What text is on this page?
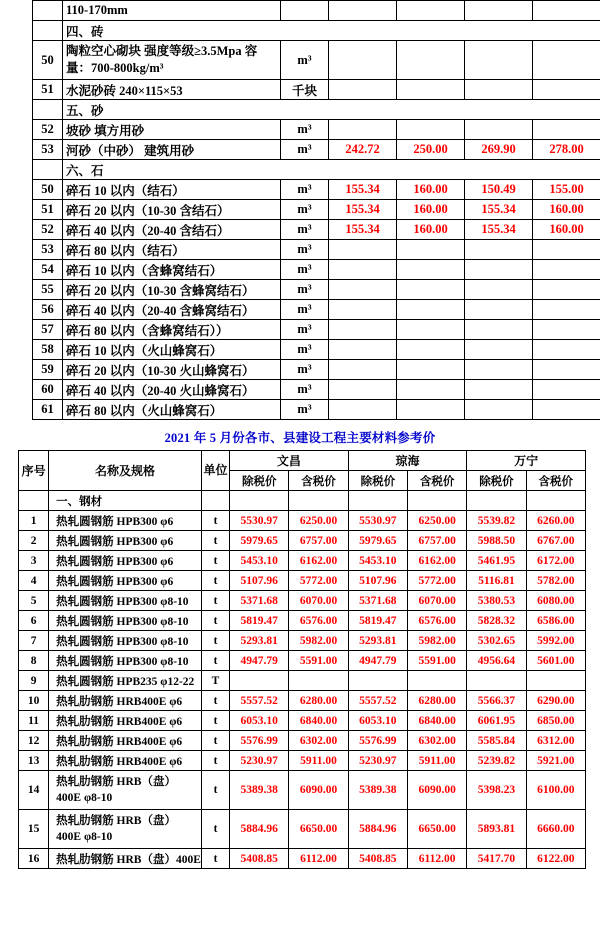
	110-170mm					
	四、砖					
50	陶粒空心砌块 强度等级≥3.5Mpa 容量：700-800kg/m³	m³				
51	水泥砂砖 240×115×53	千块				
	五、砂					
52	坡砂 填方用砂	m³				
53	河砂（中砂） 建筑用砂	m³	242.72	250.00	269.90	278.00
	六、石					
50	碎石 10 以内（结石）	m³	155.34	160.00	150.49	155.00
51	碎石 20 以内（10-30 含结石）	m³	155.34	160.00	155.34	160.00
52	碎石 40 以内（20-40 含结石）	m³	155.34	160.00	155.34	160.00
53	碎石 80 以内（结石）	m³				
54	碎石 10 以内（含蜂窝结石）	m³				
55	碎石 20 以内（10-30 含蜂窝结石）	m³				
56	碎石 40 以内（20-40 含蜂窝结石）	m³				
57	碎石 80 以内（含蜂窝结石））	m³				
58	碎石 10 以内（火山蜂窝石）	m³				
59	碎石 20 以内（10-30 火山蜂窝石）	m³				
60	碎石 40 以内（20-40 火山蜂窝石）	m³				
61	碎石 80 以内（火山蜂窝石）	m³				
2021 年 5 月份各市、县建设工程主要材料参考价
序号	名称及规格	单位	文昌		琼海		万宁	
			除税价	含税价	除税价	含税价	除税价	含税价
	一、钢材							
1	热轧圆钢筋 HPB300 φ6	t	5530.97	6250.00	5530.97	6250.00	5539.82	6260.00
2	热轧圆钢筋 HPB300 φ6	t	5979.65	6757.00	5979.65	6757.00	5988.50	6767.00
3	热轧圆钢筋 HPB300 φ6	t	5453.10	6162.00	5453.10	6162.00	5461.95	6172.00
4	热轧圆钢筋 HPB300 φ6	t	5107.96	5772.00	5107.96	5772.00	5116.81	5782.00
5	热轧圆钢筋 HPB300 φ8-10	t	5371.68	6070.00	5371.68	6070.00	5380.53	6080.00
6	热轧圆钢筋 HPB300 φ8-10	t	5819.47	6576.00	5819.47	6576.00	5828.32	6586.00
7	热轧圆钢筋 HPB300 φ8-10	t	5293.81	5982.00	5293.81	5982.00	5302.65	5992.00
8	热轧圆钢筋 HPB300 φ8-10	t	4947.79	5591.00	4947.79	5591.00	4956.64	5601.00
9	热轧圆钢筋 HPB235 φ12-22	T						
10	热轧肋钢筋 HRB400E φ6	t	5557.52	6280.00	5557.52	6280.00	5566.37	6290.00
11	热轧肋钢筋 HRB400E φ6	t	6053.10	6840.00	6053.10	6840.00	6061.95	6850.00
12	热轧肋钢筋 HRB400E φ6	t	5576.99	6302.00	5576.99	6302.00	5585.84	6312.00
13	热轧肋钢筋 HRB400E φ6	t	5230.97	5911.00	5230.97	5911.00	5239.82	5921.00
14	热轧肋钢筋 HRB（盘）400E φ8-10	t	5389.38	6090.00	5389.38	6090.00	5398.23	6100.00
15	热轧肋钢筋 HRB（盘）400E φ8-10	t	5884.96	6650.00	5884.96	6650.00	5893.81	6660.00
16	热轧肋钢筋 HRB（盘）400E	t	5408.85	6112.00	5408.85	6112.00	5417.70	6122.00
